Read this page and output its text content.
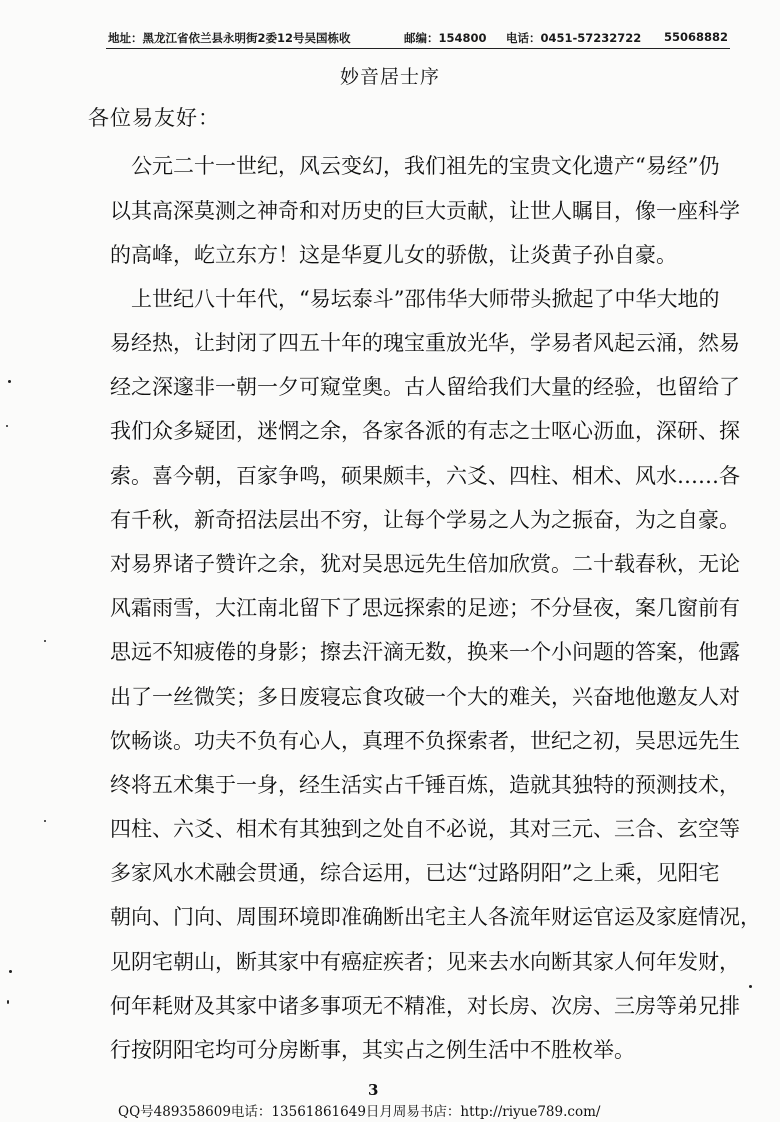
地址：黑龙江省依兰县永明街2委12号吴国栋收	邮编：154800 电话：0451-57232722 55068882
妙音居士序
各位易友好：
　公元二十一世纪，风云变幻，我们祖先的宝贵文化遗产“易经”仍
以其高深莫测之神奇和对历史的巨大贡献，让世人瞩目，像一座科学
的高峰，屹立东方！这是华夏儿女的骄傲，让炎黄子孙自豪。
　上世纪八十年代，“易坛泰斗”邵伟华大师带头掀起了中华大地的
易经热，让封闭了四五十年的瑰宝重放光华，学易者风起云涌，然易
经之深邃非一朝一夕可窥堂奥。古人留给我们大量的经验，也留给了
我们众多疑团，迷惘之余，各家各派的有志之士呕心沥血，深研、探
索。喜今朝，百家争鸣，硕果颇丰，六爻、四柱、相术、风水……各
有千秋，新奇招法层出不穷，让每个学易之人为之振奋，为之自豪。
对易界诸子赞许之余，犹对吴思远先生倍加欣赏。二十载春秋，无论
风霜雨雪，大江南北留下了思远探索的足迹；不分昼夜，案几窗前有
思远不知疲倦的身影；擦去汗滴无数，换来一个小问题的答案，他露
出了一丝微笑；多日废寝忘食攻破一个大的难关，兴奋地他邀友人对
饮畅谈。功夫不负有心人，真理不负探索者，世纪之初，吴思远先生
终将五术集于一身，经生活实占千锤百炼，造就其独特的预测技术，
四柱、六爻、相术有其独到之处自不必说，其对三元、三合、玄空等
多家风水术融会贯通，综合运用，已达“过路阴阳”之上乘，见阳宅
朝向、门向、周围环境即准确断出宅主人各流年财运官运及家庭情况，
见阴宅朝山，断其家中有癌症疾者；见来去水向断其家人何年发财，
何年耗财及其家中诸多事项无不精准，对长房、次房、三房等弟兄排
行按阴阳宅均可分房断事，其实占之例生活中不胜枚举。
3
QQ号489358609电话：13561861649日月周易书店：http://riyue789.com/
